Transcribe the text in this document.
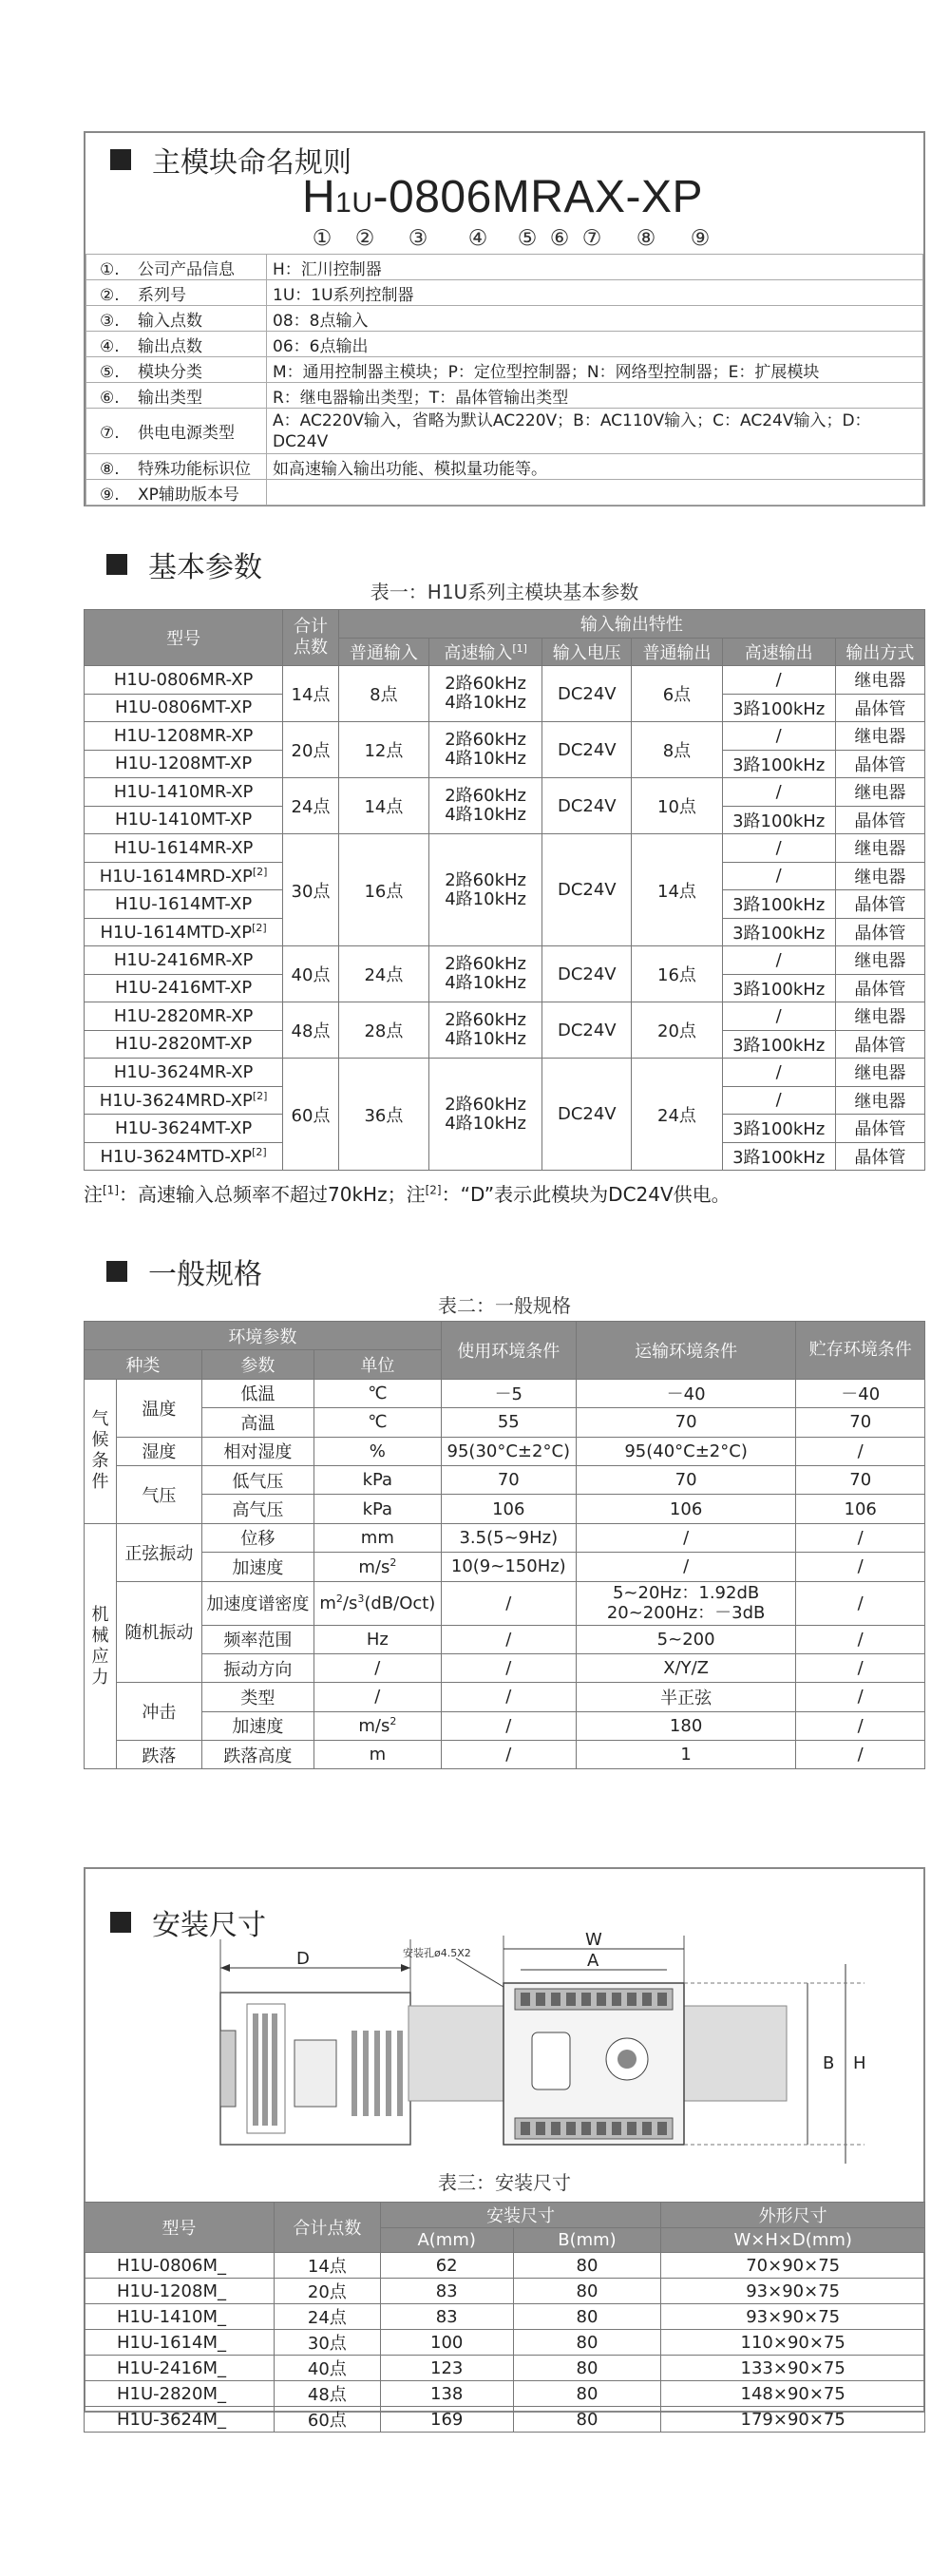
主模块命名规则
H1U-0806MRAX-XP
①	②	③	④	⑤ ⑥ ⑦	⑧	⑨
①. 公司产品信息	H：汇川控制器
②. 系列号	1U：1U系列控制器
③. 输入点数	08：8点输入
④. 输出点数	06：6点输出
⑤. 模块分类	M：通用控制器主模块；P：定位型控制器；N：网络型控制器；E：扩展模块
⑥. 输出类型	R：继电器输出类型；T：晶体管输出类型
⑦. 供电电源类型	A：AC220V输入，省略为默认AC220V；B：AC110V输入；C：AC24V输入；D：DC24V
⑧. 特殊功能标识位	如高速输入输出功能、模拟量功能等。
⑨. XP辅助版本号	
基本参数
表一：H1U系列主模块基本参数
型号	合计点数	输入输出特性					
		普通输入	高速输入[1]	输入电压	普通输出	高速输出	输出方式
H1U-0806MR-XP	14点	8点	2路60kHz
4路10kHz	DC24V	6点	/	继电器
H1U-0806MT-XP						3路100kHz	晶体管
H1U-1208MR-XP	20点	12点	2路60kHz
4路10kHz	DC24V	8点	/	继电器
H1U-1208MT-XP						3路100kHz	晶体管
H1U-1410MR-XP	24点	14点	2路60kHz
4路10kHz	DC24V	10点	/	继电器
H1U-1410MT-XP						3路100kHz	晶体管
H1U-1614MR-XP	30点	16点	2路60kHz
4路10kHz	DC24V	14点	/	继电器
H1U-1614MRD-XP[2]						/	继电器
H1U-1614MT-XP						3路100kHz	晶体管
H1U-1614MTD-XP[2]						3路100kHz	晶体管
H1U-2416MR-XP	40点	24点	2路60kHz
4路10kHz	DC24V	16点	/	继电器
H1U-2416MT-XP						3路100kHz	晶体管
H1U-2820MR-XP	48点	28点	2路60kHz
4路10kHz	DC24V	20点	/	继电器
H1U-2820MT-XP						3路100kHz	晶体管
H1U-3624MR-XP	60点	36点	2路60kHz
4路10kHz	DC24V	24点	/	继电器
H1U-3624MRD-XP[2]						/	继电器
H1U-3624MT-XP						3路100kHz	晶体管
H1U-3624MTD-XP[2]						3路100kHz	晶体管
注[1]：高速输入总频率不超过70kHz；注[2]：“D”表示此模块为DC24V供电。
一般规格
表二：一般规格
环境参数				使用环境条件	运输环境条件	贮存环境条件
种类		参数	单位			
气候条件	温度	低温	℃	－5	－40	－40
		高温	℃	55	70	70
	湿度	相对湿度	%	95(30°C±2°C)	95(40°C±2°C)	/
	气压	低气压	kPa	70	70	70
		高气压	kPa	106	106	106
机械应力	正弦振动	位移	mm	3.5(5~9Hz)	/	/
		加速度	$m/s^2$	10(9~150Hz)	/	/
	随机振动	加速度谱密度	$m^2/s^3(dB/Oct)$	/	5~20Hz：1.92dB
20~200Hz：－3dB	/
		频率范围	Hz	/	5~200	/
		振动方向	/	/	X/Y/Z	/
	冲击	类型	/	/	半正弦	/
		加速度	$m/s^2$	/	180	/
	跌落	跌落高度	m	/	1	/
安装尺寸
D	安装孔ø4.5X2
W
A
B H
表三：安装尺寸
型号	合计点数	安装尺寸		外形尺寸
		A(mm)	B(mm)	W×H×D(mm)
H1U-0806M_	14点	62	80	70×90×75
H1U-1208M_	20点	83	80	93×90×75
H1U-1410M_	24点	83	80	93×90×75
H1U-1614M_	30点	100	80	110×90×75
H1U-2416M_	40点	123	80	133×90×75
H1U-2820M_	48点	138	80	148×90×75
H1U-3624M_	60点	169	80	179×90×75
